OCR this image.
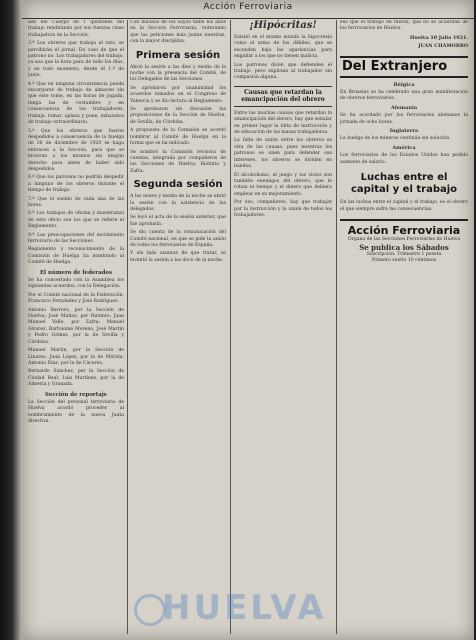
Acción Ferroviaria
ado del Cuerpo de 1 quistones del trabajo rendirándo por sus fuerzas clase trabajadora de la Sección.
3.º Los obreros que trabaja al rato, se percibirán el jornal. En caso de que el patrono no. Los trabajadores del trabajo, ya sea que la hora para de todo los días, y en todo momento, desde el 1.º de junio.
4.º Que en ninguna circunstancia pueda encargarse de trabajo de almacen sin que éste tome, en las horas de jugada, tenga las de costumbre y en consecuencia de los trabajadores, trabaja, tomar, aplaza y pone, exhaustos de trabajo extraordinario.
5.º Que los obreros que fueron despedidos a consecuencia de la huelga de 30 de diciembre de 1920 se haga entonces a la Sección, para que se hicieran a los mismos sin ningún derecho para antes de haber sido despedidos.
6.º Que los patronos no podrán despedir a ninguno de los obreros durante el tiempo de trabajo.
7.º Que el sueldo de cada una de las horas.
8.º Los trabajos de oficina y maestranza de este oficio son los que se refiere el Reglamento.
9.º Las preocupaciones del movimiento ferroviario de las Secciones.
Reglamento y reconocimiento de la Comisión de Huelga ha nombrado al Comité de Huelga.
El número de federados
Se ha concertado con la Asamblea los siguientes acuerdos, con la Delegación.
Por el Comité nacional de la Federación, Francisco Fernández y José Rodríguez.
Antonio Barrera, por la Sección de Huelva; José Muñoz, por Riotinto; Juan Manuel Valle, por Zafra; Manuel Alvarez, Bartolomé Moreno, José Martín y Pedro Gómez, por la de Sevilla y Córdoba.
Manuel Martín, por la Sección de Linares; Juan López, por la de Mérida; Antonio Díaz, por la de Cáceres.
Bernardo Sánchez, por la Sección de Ciudad Real; Luis Martínez, por la de Almería y Granada.
Sección de reportaje
La Sección del personal ferroviario de Huelva acordó proceder al nombramiento de la nueva Junta directiva.
Con muchos de los suyos tiene los años en la Sección Ferroviaria, reiterando que las peticiones más justas nuestras, con la mayor disciplina.
Primera sesión
Abrió la sesión a las diez y media de la noche con la presencia del Comité, de los Delegados de las Secciones.
Se aprobaron por unanimidad los acuerdos tomados en el Congreso de Valencia y se dio lectura al Reglamento.
Se aprobaron sin discusión las proposiciones de la Sección de Huelva, de Sevilla, de Córdoba.
A propuesta de la Comisión se acordó nombrar al Comité de Huelga en la forma que se ha indicado.
Se nombró la Comisión revisora de cuentas, integrada por compañeros de las Secciones de Huelva, Riotinto y Zafra.
Segunda sesión
A las nueve y media de la noche se abrió la sesión con la asistencia de los delegados.
Se leyó el acta de la sesión anterior, que fue aprobada.
Se dio cuenta de la comunicación del Comité nacional, en que se pide la unión de todos los ferroviarios de España.
Y sin más asuntos de que tratar, se levantó la sesión a las doce de la noche.
¡Hipócritas!
Existió en el mismo mundo la hipocresía como el arma de los débiles, que se esconden bajo las apariencias para engañar a los que no tienen malicia.
Los patronos dicen que defienden el trabajo, pero explotan al trabajador sin compasión alguna.
Causas que retardan la emancipación del obrero
Entre las muchas causas que retardan la emancipación del obrero, hay que señalar en primer lugar la falta de instrucción y de educación de las masas trabajadoras.
La falta de unión entre los obreros es otra de las causas, pues mientras los patronos se unen para defender sus intereses, los obreros se dividen en bandos.
El alcoholismo, el juego y los vicios son también enemigos del obrero, que le roban el tiempo y el dinero que debiera emplear en su mejoramiento.
Por eso, compañeros, hay que trabajar por la instrucción y la unión de todos los trabajadores.
eso que el trabajo en fuerza, que no se acuerdan de los ferroviarios de Huelva.
Huelva 10 Julio 1921.
JUAN CHAMORRO
Del Extranjero
Bélgica
En Bruselas se ha celebrado una gran manifestación de obreros ferroviarios.
Alemania
Se ha acordado por los ferroviarios alemanes la jornada de ocho horas.
Inglaterra
La huelga de los mineros continúa sin solución.
América
Los ferroviarios de los Estados Unidos han pedido aumento de salario.
Luchas entre el capital y el trabajo
En las luchas entre el capital y el trabajo, es el obrero el que siempre sufre las consecuencias.
Acción Ferroviaria
Órgano de las Secciones Ferroviarias de Huelva
Se publica los Sábados
Suscripción: Trimestre 1 peseta
Número suelto 10 céntimos
HUELVA
